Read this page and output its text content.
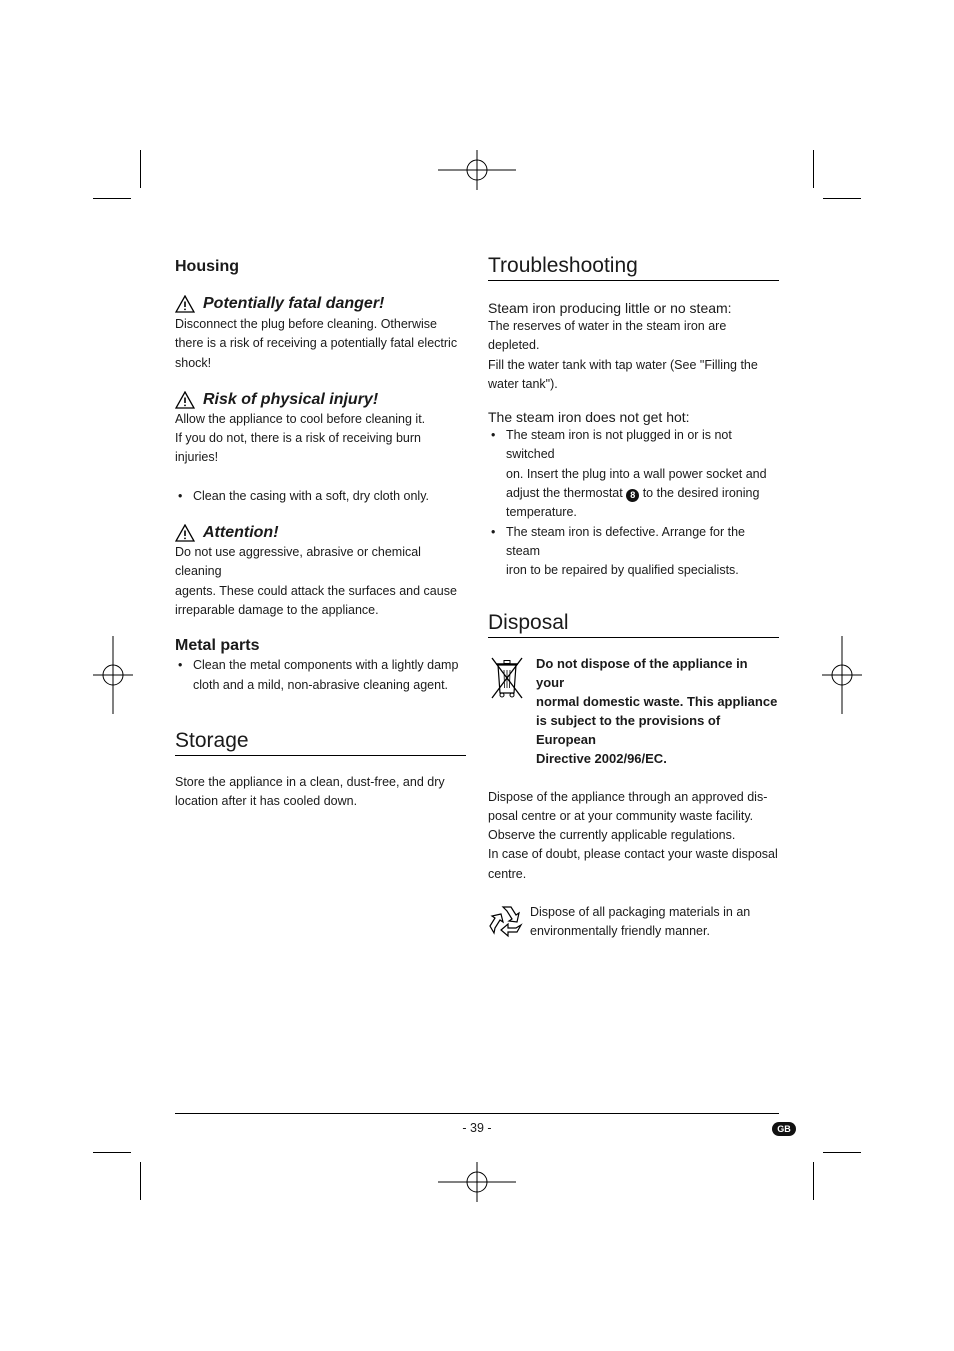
Housing
Potentially fatal danger!

Disconnect the plug before cleaning. Otherwise
there is a risk of receiving a potentially fatal electric
shock!

Risk of physical injury!

Allow the appliance to cool before cleaning it.
If you do not, there is a risk of receiving burn
injuries!

• Clean the casing with a soft, dry cloth only.
Attention!

Do not use aggressive, abrasive or chemical cleaning
agents. These could attack the surfaces and cause
irreparable damage to the appliance.

Metal parts
• Clean the metal components with a lightly damp
cloth and a mild, non-abrasive cleaning agent.
Storage

Store the appliance in a clean, dust-free, and dry
location after it has cooled down.

Troubleshooting
Steam iron producing little or no steam:

The reserves of water in the steam iron are depleted.
Fill the water tank with tap water (See "Filling the
water tank").

The steam iron does not get hot:
• The steam iron is not plugged in or is not switched
on. Insert the plug into a wall power socket and
adjust the thermostat 8 to the desired ironing
temperature.
• The steam iron is defective. Arrange for the steam
iron to be repaired by qualified specialists.
Disposal

Do not dispose of the appliance in your
normal domestic waste. This appliance
is subject to the provisions of European
Directive 2002/96/EC.

Dispose of the appliance through an approved dis-
posal centre or at your community waste facility.
Observe the currently applicable regulations.
In case of doubt, please contact your waste disposal
centre.

Dispose of all packaging materials in an
environmentally friendly manner.

- 39 -	GB
